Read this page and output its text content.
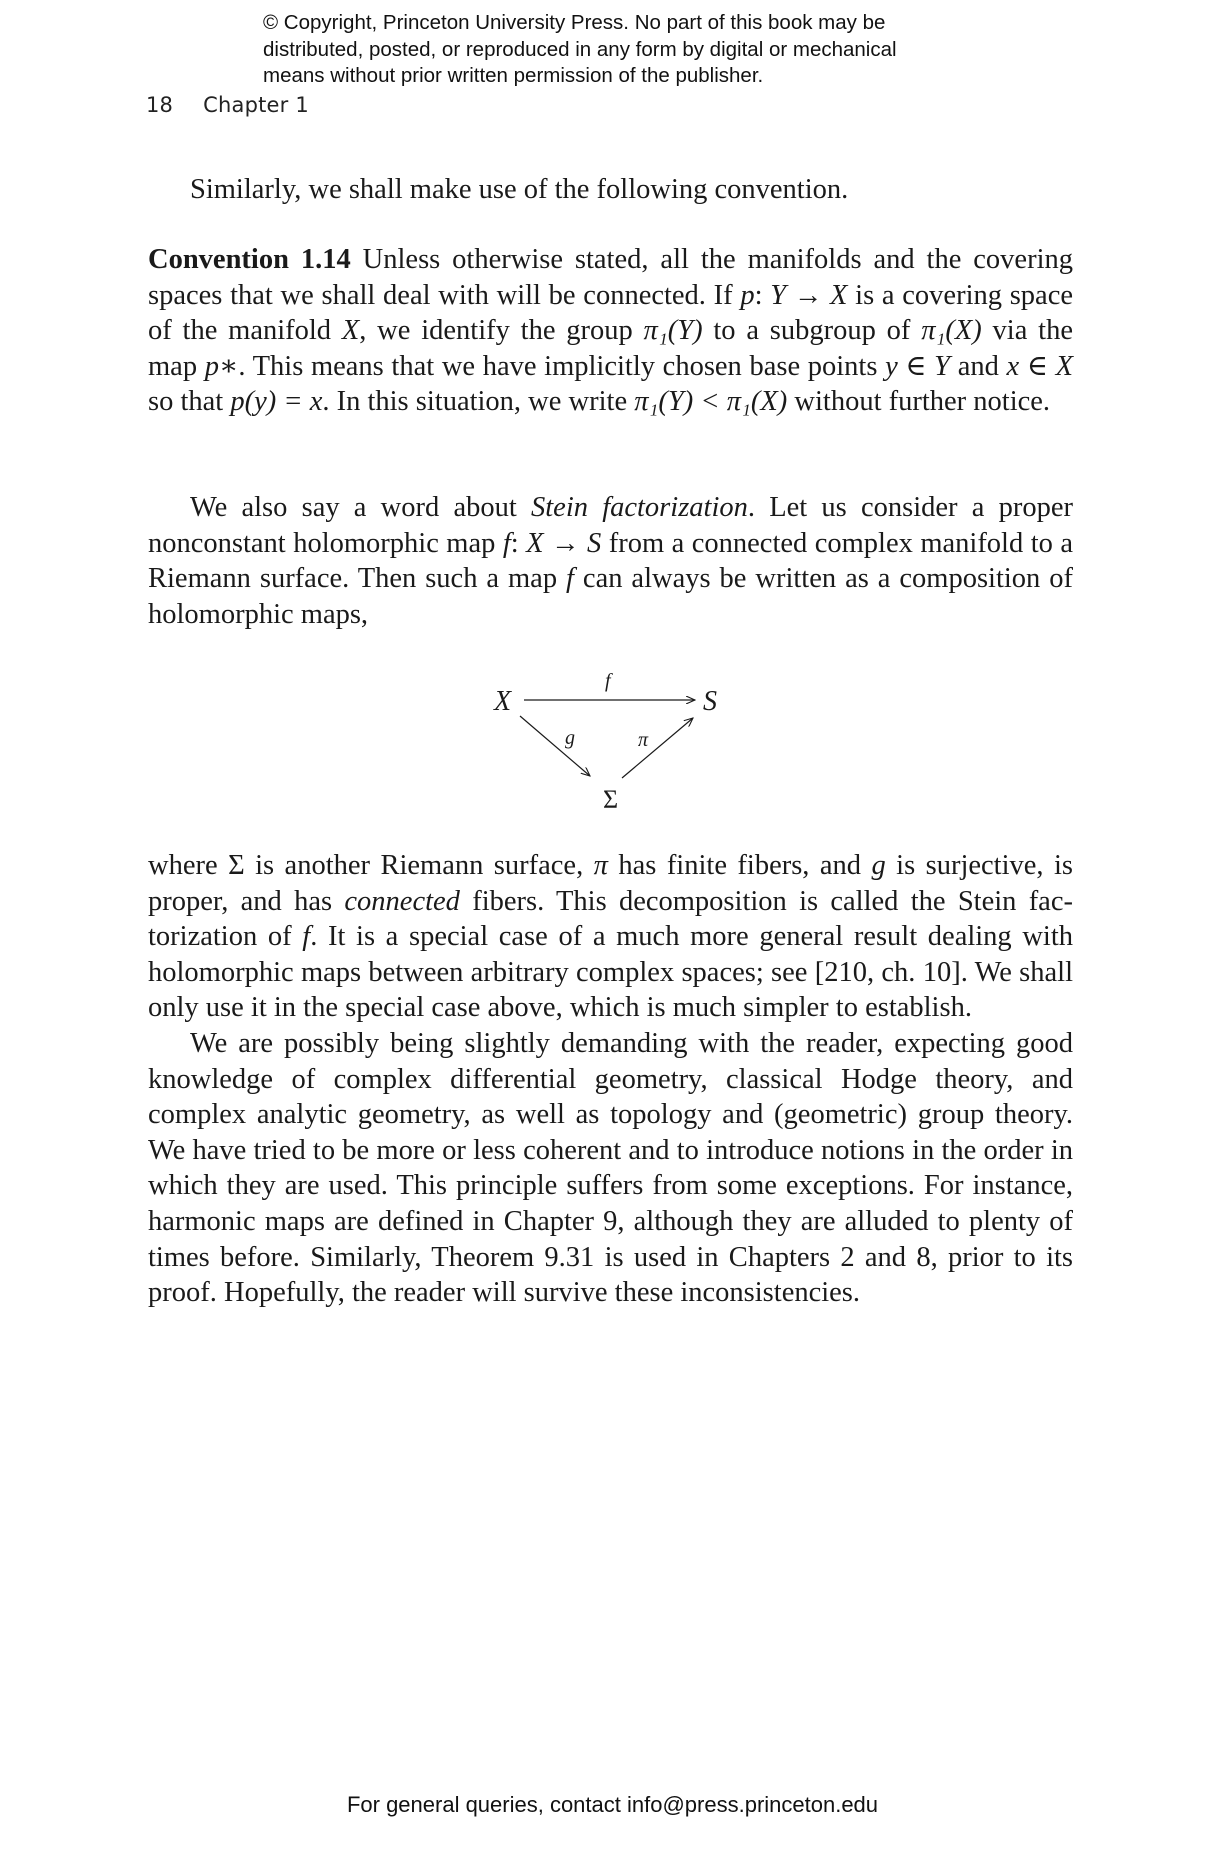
© Copyright, Princeton University Press. No part of this book may be
distributed, posted, or reproduced in any form by digital or mechanical
means without prior written permission of the publisher.
18 Chapter 1

Similarly, we shall make use of the following convention.

Convention 1.14 Unless otherwise stated, all the manifolds and the covering spaces that we shall deal with will be connected. If p: Y → X is a covering space of the manifold X, we identify the group π₁(Y) to a subgroup of π₁(X) via the map p∗. This means that we have implicitly chosen base points y ∈ Y and x ∈ X so that p(y) = x. In this situation, we write π₁(Y) < π₁(X) without further notice.

We also say a word about Stein factorization. Let us consider a proper nonconstant holomorphic map f: X → S from a connected complex manifold to a Riemann surface. Then such a map f can always be written as a composition of holomorphic maps,

X	S
Σ
f
g	π

where Σ is another Riemann surface, π has finite fibers, and g is surjective, is proper, and has connected fibers. This decomposition is called the Stein factorization of f. It is a special case of a much more general result dealing with holomorphic maps between arbitrary complex spaces; see [210, ch. 10]. We shall only use it in the special case above, which is much simpler to establish.

We are possibly being slightly demanding with the reader, expecting good knowledge of complex differential geometry, classical Hodge theory, and complex analytic geometry, as well as topology and (geometric) group theory. We have tried to be more or less coherent and to introduce notions in the order in which they are used. This principle suffers from some exceptions. For instance, harmonic maps are defined in Chapter 9, although they are alluded to plenty of times before. Similarly, Theorem 9.31 is used in Chapters 2 and 8, prior to its proof. Hopefully, the reader will survive these inconsistencies.

For general queries, contact info@press.princeton.edu
